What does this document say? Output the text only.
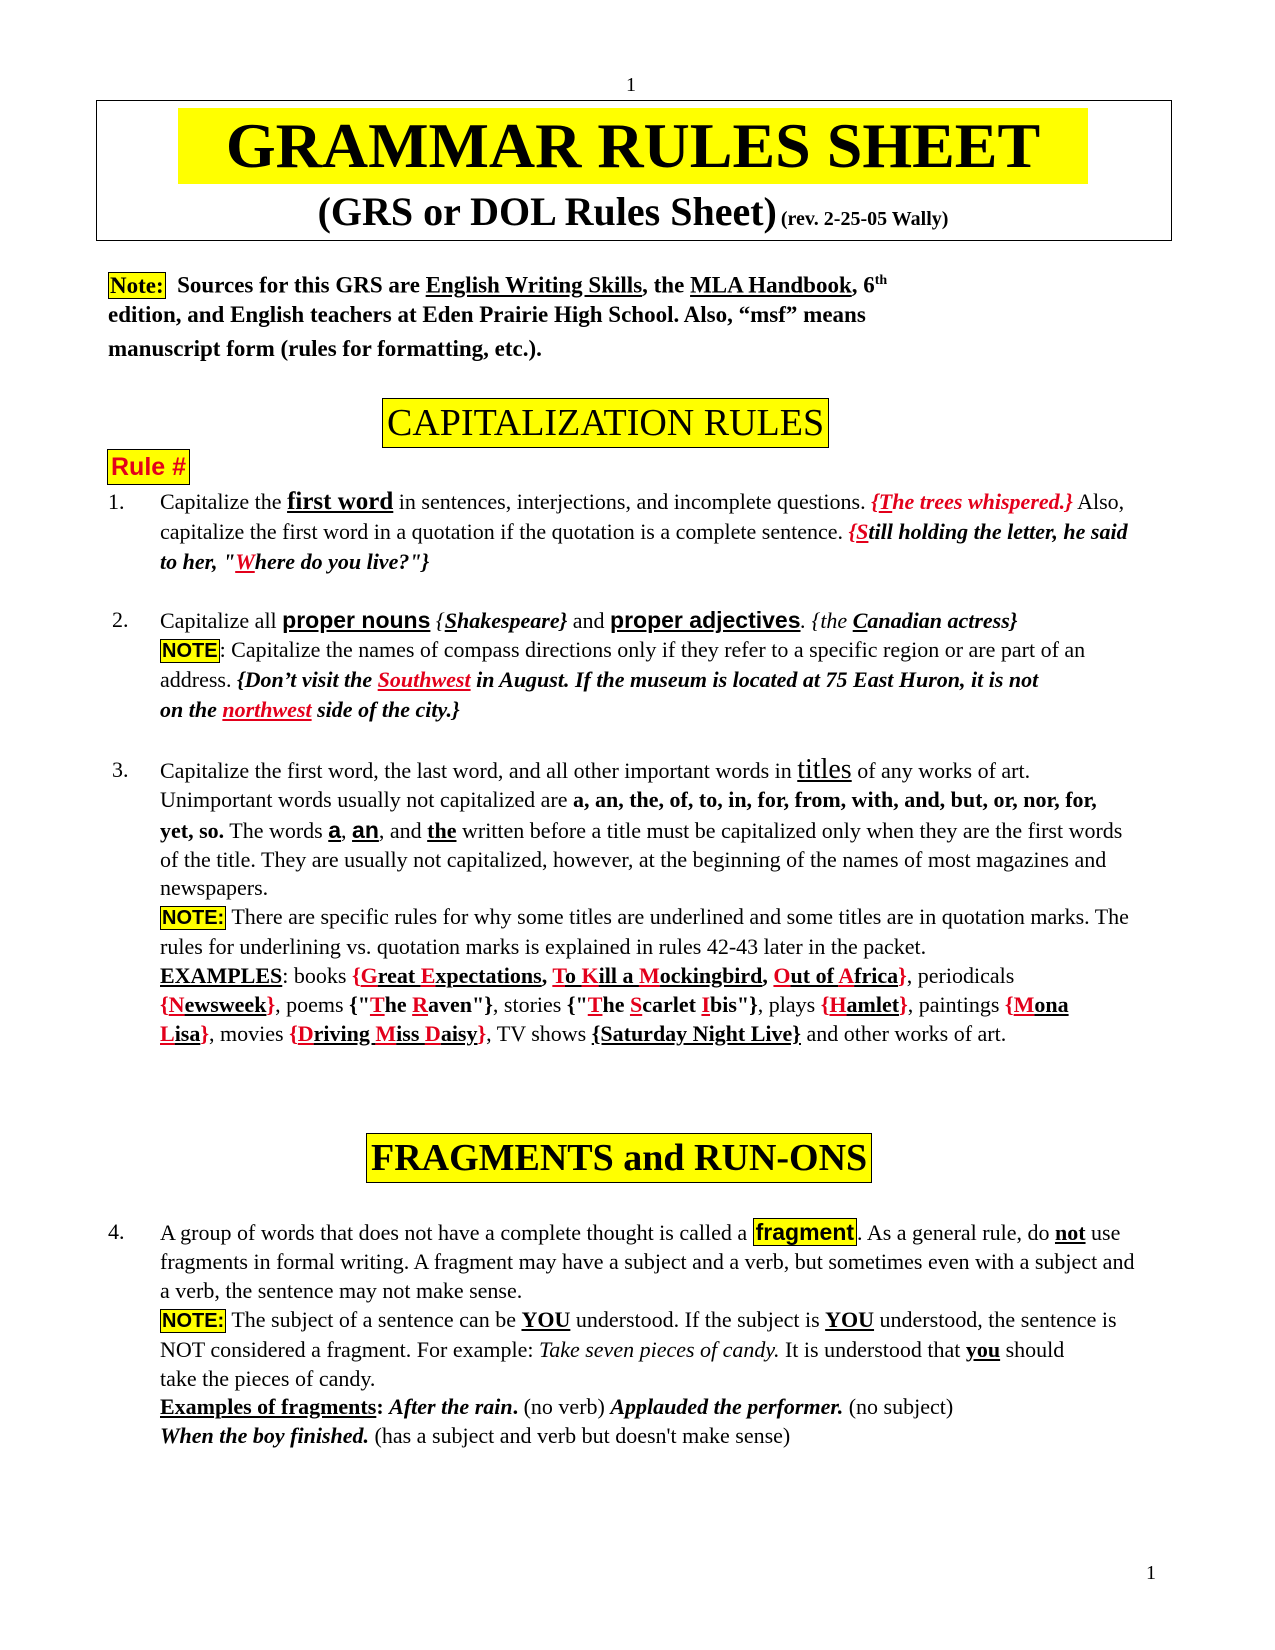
1
GRAMMAR RULES SHEET
(GRS or DOL Rules Sheet) (rev. 2-25-05 Wally)
Note: Sources for this GRS are English Writing Skills, the MLA Handbook, 6th
edition, and English teachers at Eden Prairie High School. Also, “msf” means
manuscript form (rules for formatting, etc.).
CAPITALIZATION RULES
Rule #
1. Capitalize the first word in sentences, interjections, and incomplete questions. {The trees whispered.} Also,
capitalize the first word in a quotation if the quotation is a complete sentence. {Still holding the letter, he said
to her, "Where do you live?"}
2. Capitalize all proper nouns {Shakespeare} and proper adjectives. {the Canadian actress}
NOTE: Capitalize the names of compass directions only if they refer to a specific region or are part of an
address. {Don’t visit the Southwest in August. If the museum is located at 75 East Huron, it is not
on the northwest side of the city.}
3. Capitalize the first word, the last word, and all other important words in titles of any works of art.
Unimportant words usually not capitalized are a, an, the, of, to, in, for, from, with, and, but, or, nor, for,
yet, so. The words a, an, and the written before a title must be capitalized only when they are the first words
of the title. They are usually not capitalized, however, at the beginning of the names of most magazines and
newspapers.
NOTE: There are specific rules for why some titles are underlined and some titles are in quotation marks. The
rules for underlining vs. quotation marks is explained in rules 42-43 later in the packet.
EXAMPLES: books {Great Expectations, To Kill a Mockingbird, Out of Africa}, periodicals
{Newsweek}, poems {"The Raven"}, stories {"The Scarlet Ibis"}, plays {Hamlet}, paintings {Mona
Lisa}, movies {Driving Miss Daisy}, TV shows {Saturday Night Live} and other works of art.
FRAGMENTS and RUN-ONS
4. A group of words that does not have a complete thought is called a fragment . As a general rule, do not use
fragments in formal writing. A fragment may have a subject and a verb, but sometimes even with a subject and
a verb, the sentence may not make sense.
NOTE: The subject of a sentence can be YOU understood. If the subject is YOU understood, the sentence is
NOT considered a fragment. For example: Take seven pieces of candy. It is understood that you should
take the pieces of candy.
Examples of fragments: After the rain. (no verb) Applauded the performer. (no subject)
When the boy finished. (has a subject and verb but doesn't make sense)
1
